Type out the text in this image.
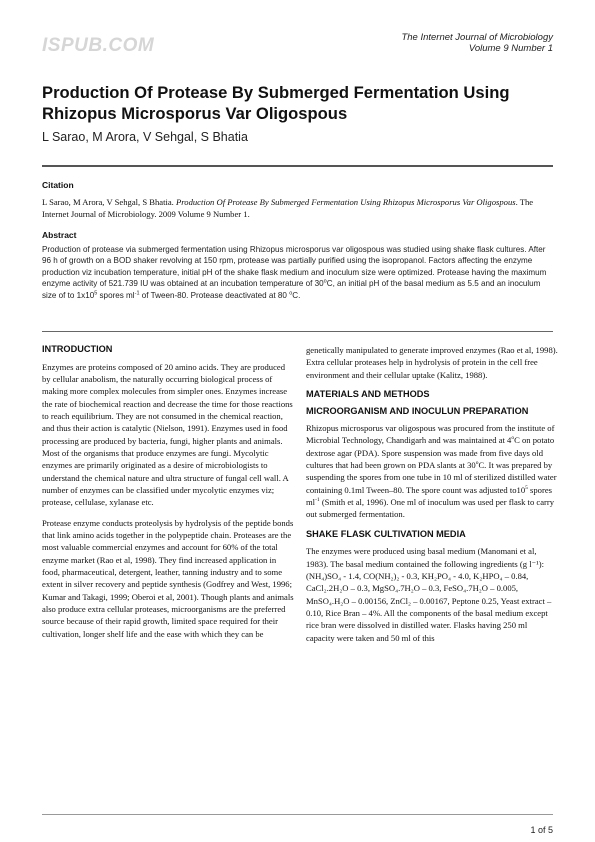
ISPUB.COM	The Internet Journal of Microbiology
Volume 9 Number 1
Production Of Protease By Submerged Fermentation Using Rhizopus Microsporus Var Oligospous
L Sarao, M Arora, V Sehgal, S Bhatia
Citation
L Sarao, M Arora, V Sehgal, S Bhatia. Production Of Protease By Submerged Fermentation Using Rhizopus Microsporus Var Oligospous. The Internet Journal of Microbiology. 2009 Volume 9 Number 1.
Abstract
Production of protease via submerged fermentation using Rhizopus microsporus var oligospous was studied using shake flask cultures. After 96 h of growth on a BOD shaker revolving at 150 rpm, protease was partially purified using the isopropanol. Factors affecting the enzyme production viz incubation temperature, initial pH of the shake flask medium and inoculum size were optimized. Protease having the maximum enzyme activity of 521.739 IU was obtained at an incubation temperature of 30$^o$C, an initial pH of the basal medium as 5.5 and an inoculum size of to $1x10^5$ spores $ml^{-1}$ of Tween-80. Protease deactivated at 80 $^o$C.
INTRODUCTION

Enzymes are proteins composed of 20 amino acids. They are produced by cellular anabolism, the naturally occurring biological process of making more complex molecules from simpler ones. Enzymes increase the rate of biochemical reaction and decrease the time for those reactions to reach equilibrium. They are not consumed in the chemical reaction, and thus their action is catalytic (Nielson, 1991). Enzymes used in food processing are produced by bacteria, fungi, higher plants and animals. Most of the organisms that produce enzymes are fungi. Mycolytic enzymes are primarily originated as a desire of microbiologists to understand the chemical nature and ultra structure of fungal cell wall. A number of enzymes can be classified under mycolytic enzymes viz; protease, cellulase, xylanase etc.

Protease enzyme conducts proteolysis by hydrolysis of the peptide bonds that link amino acids together in the polypeptide chain. Proteases are the most valuable commercial enzymes and account for 60% of the total enzyme market (Rao et al, 1998). They find increased application in food, pharmaceutical, detergent, leather, tanning industry and to some extent in silver recovery and peptide synthesis (Godfrey and West, 1996; Kumar and Takagi, 1999; Oberoi et al, 2001). Though plants and animals also produce extra cellular proteases, microorganisms are the preferred source because of their rapid growth, limited space required for their cultivation, longer shelf life and the ease with which they can be

genetically manipulated to generate improved enzymes (Rao et al, 1998). Extra cellular proteases help in hydrolysis of protein in the cell free environment and their cellular uptake (Kalitz, 1988).

MATERIALS AND METHODS
MICROORGANISM AND INOCULUN PREPARATION

Rhizopus microsporus var oligospous was procured from the institute of Microbial Technology, Chandigarh and was maintained at 4$^o$C on potato dextrose agar (PDA). Spore suspension was made from five days old cultures that had been grown on PDA slants at 30$^o$C. It was prepared by suspending the spores from one tube in 10 ml of sterilized distilled water containing 0.1ml Tween–80. The spore count was adjusted $to10^5$ spores $ml^{-1}$ (Smith et al, 1996). One ml of inoculum was used per flask to carry out submerged fermentation.

SHAKE FLASK CULTIVATION MEDIA

The enzymes were produced using basal medium (Manomani et al, 1983). The basal medium contained the following ingredients (g l⁻¹): (NH₄)SO₄ - 1.4, CO(NH₂)₂ - 0.3, KH₂PO₄ - 4.0, K₂HPO₄ – 0.84, CaCl₂.2H₂O – 0.3, MgSO₄.7H₂O – 0.3, FeSO₄.7H₂O – 0.005, MnSO₄.H₂O – 0.00156, ZnCl₂ – 0.00167, Peptone 0.25, Yeast extract – 0.10, Rice Bran – 4%. All the components of the basal medium except rice bran were dissolved in distilled water. Flasks having 250 ml capacity were taken and 50 ml of this

1 of 5
